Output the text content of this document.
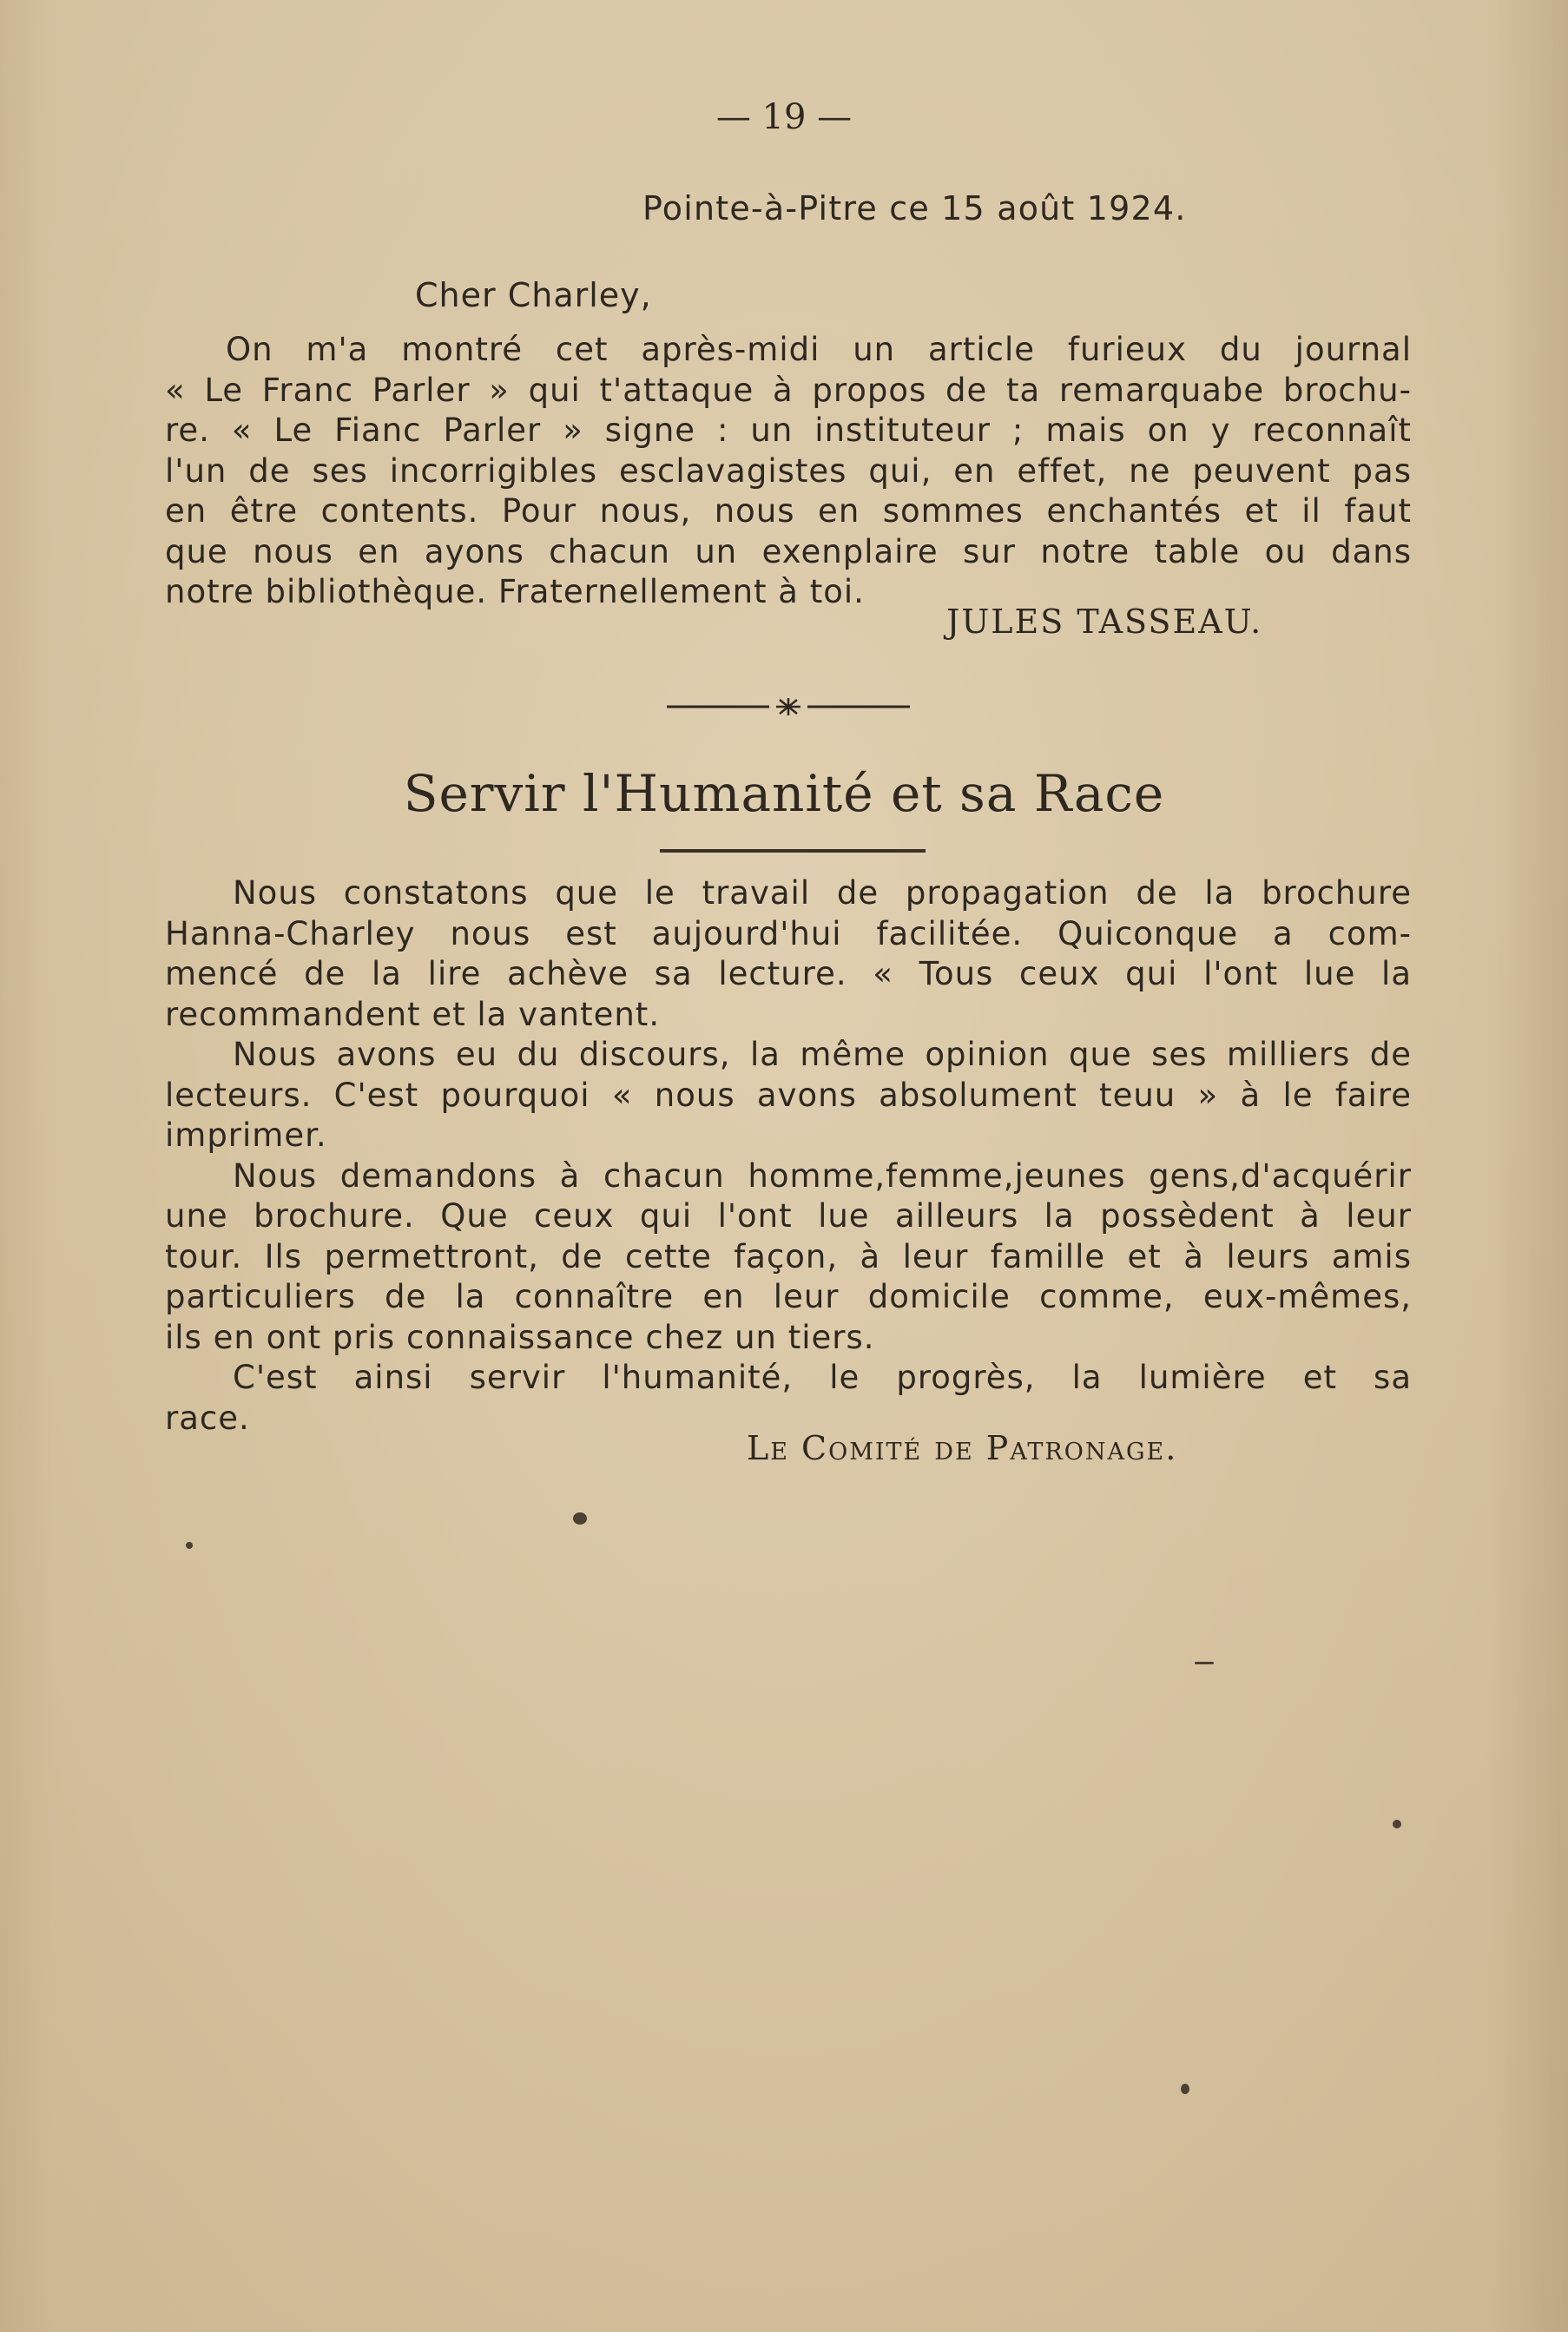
— 19 —
Pointe-à-Pitre ce 15 août 1924.
Cher Charley,
On m'a montré cet après-midi un article furieux du journal
« Le Franc Parler » qui t'attaque à propos de ta remarquabe brochu-
re. « Le Fianc Parler » signe : un instituteur ; mais on y reconnaît
l'un de ses incorrigibles esclavagistes qui, en effet, ne peuvent pas
en être contents. Pour nous, nous en sommes enchantés et il faut
que nous en ayons chacun un exenplaire sur notre table ou dans
notre bibliothèque. Fraternellement à toi.
JULES TASSEAU.
Servir l'Humanité et sa Race
Nous constatons que le travail de propagation de la brochure
Hanna-Charley nous est aujourd'hui facilitée. Quiconque a com-
mencé de la lire achève sa lecture. « Tous ceux qui l'ont lue la
recommandent et la vantent.
Nous avons eu du discours, la même opinion que ses milliers de
lecteurs. C'est pourquoi « nous avons absolument teuu » à le faire
imprimer.
Nous demandons à chacun homme,femme,jeunes gens,d'acquérir
une brochure. Que ceux qui l'ont lue ailleurs la possèdent à leur
tour. Ils permettront, de cette façon, à leur famille et à leurs amis
particuliers de la connaître en leur domicile comme, eux-mêmes,
ils en ont pris connaissance chez un tiers.
C'est ainsi servir l'humanité, le progrès, la lumière et sa
race.
Le Comité de Patronage.
